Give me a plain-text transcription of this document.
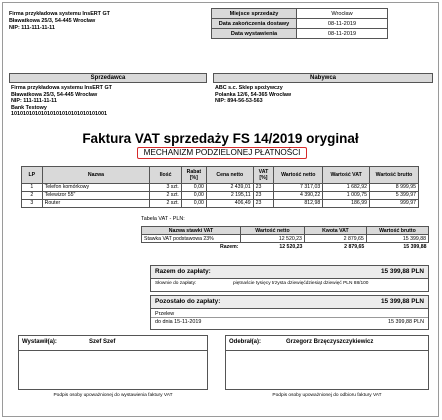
Firma przykładowa systemu InsERT GT
Bławatkowa 25/3, 54-445 Wrocław
NIP: 111-111-11-11
Miejsce sprzedaży	Wrocław
Data zakończenia dostawy	08-11-2019
Data wystawienia	08-11-2019
Sprzedawca	Nabywca
Firma przykładowa systemu InsERT GT
Bławatkowa 25/3, 54-445 Wrocław
NIP: 111-111-11-11
Bank Testowy
10101010101010101010101010101001
ABC s.c. Sklep spożywczy
Polanka 12/6, 54-365 Wrocław
NIP: 894-56-53-563
Faktura VAT sprzedaży FS 14/2019 oryginał
MECHANIZM PODZIELONEJ PŁATNOŚCI
LP	Nazwa	Ilość	Rabat [%]	Cena netto	VAT [%]	Wartość netto	Wartość VAT	Wartość brutto
1	Telefon komórkowy	3 szt.	0,00	2 439,01	23	7 317,03	1 682,92	8 999,95
2	Telewizor 55"	2 szt.	0,00	2 195,11	23	4 390,22	1 009,75	5 399,97
3	Router	2 szt.	0,00	406,49	23	812,98	186,99	999,97
Tabela VAT - PLN:
Nazwa stawki VAT	Wartość netto	Kwota VAT	Wartość brutto
Stawka VAT podstawowa 23%	12 520,23	2 879,65	15 399,88
Razem:	12 520,23	2 879,65	15 399,88
Razem do zapłaty:	15 399,88 PLN
Słownie do zapłaty:	piętnaście tysięcy trzysta dziewięćdziesiąt dziewięć PLN 88/100
Pozostało do zapłaty:	15 399,88 PLN
Przelew
do dnia 15-11-2019	15 399,88 PLN
Wystawił(a):	Szef Szef	Odebrał(a):	Grzegorz Brzęczyszczykiewicz
Podpis osoby upoważnionej do wystawienia faktury VAT	Podpis osoby upoważnionej do odbioru faktury VAT
